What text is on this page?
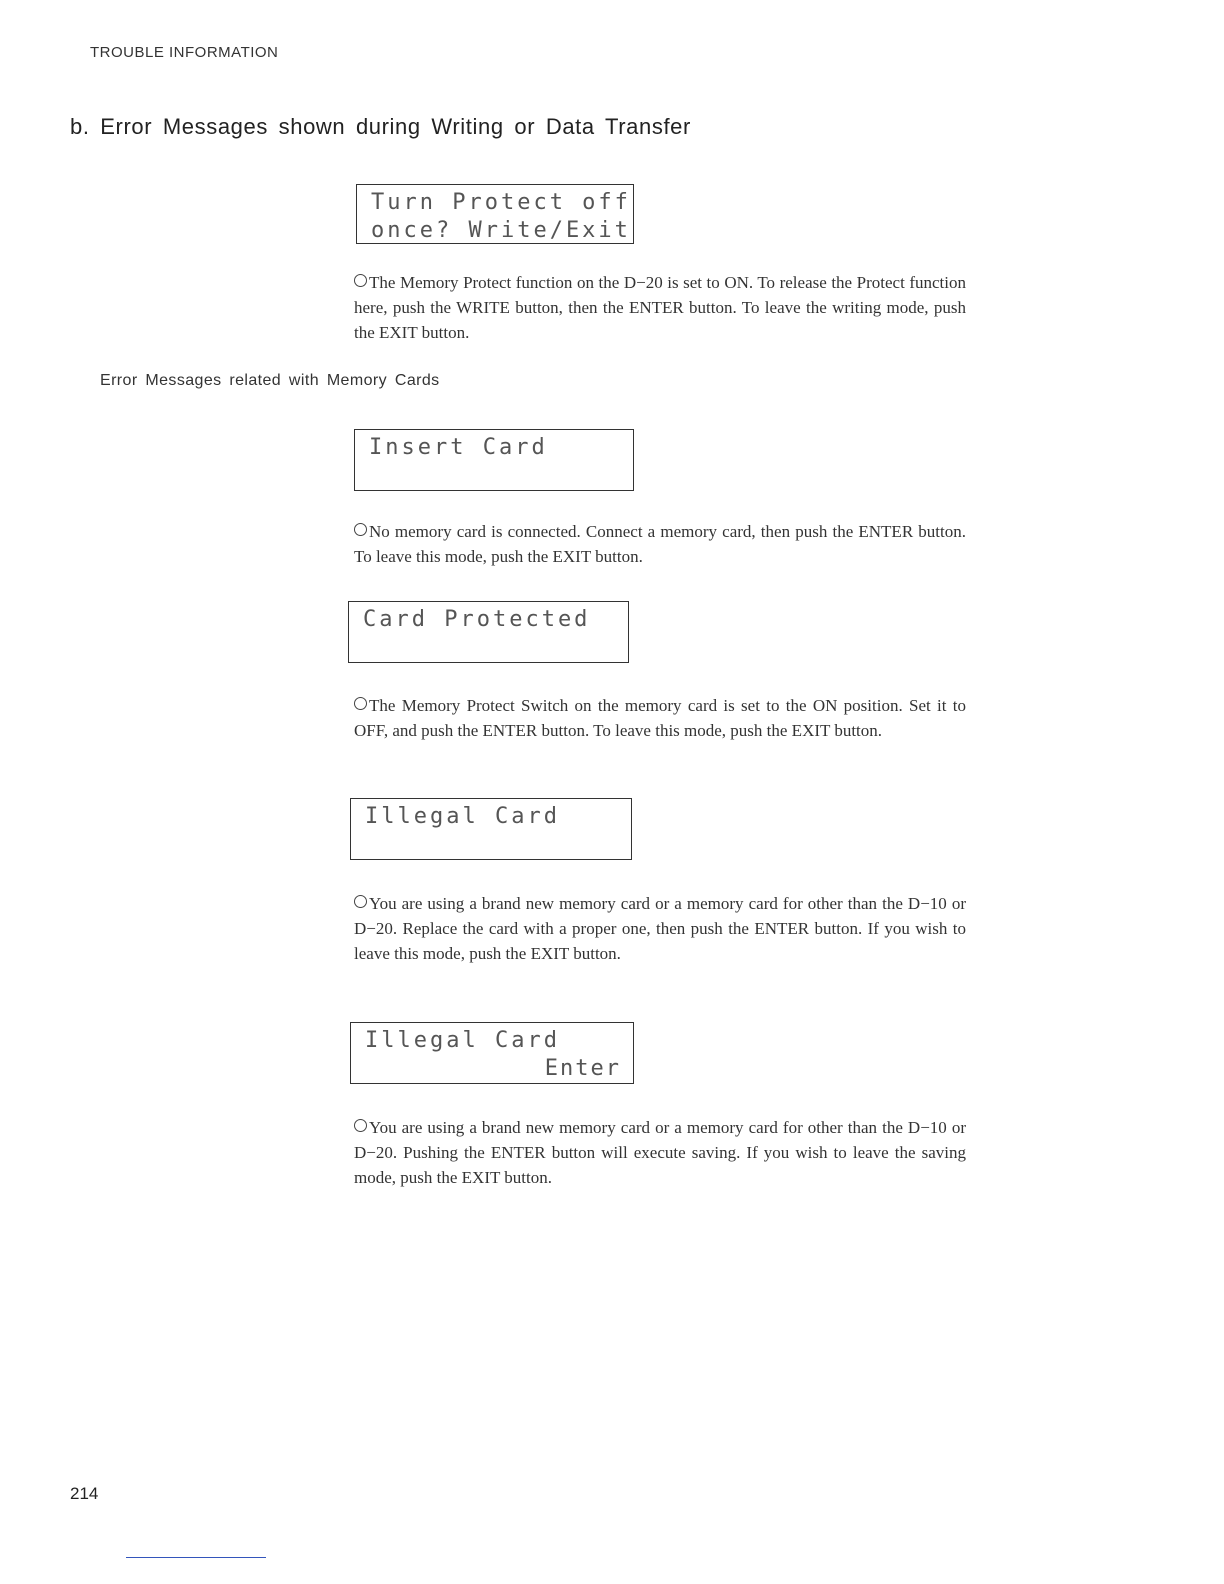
TROUBLE INFORMATION
b. Error Messages shown during Writing or Data Transfer
Turn Protect off
once? Write/Exit
The Memory Protect function on the D−20 is set to ON. To release the Protect function here, push the WRITE button, then the ENTER button. To leave the writing mode, push the EXIT button.
Error Messages related with Memory Cards
Insert Card
No memory card is connected. Connect a memory card, then push the ENTER button. To leave this mode, push the EXIT button.
Card Protected
The Memory Protect Switch on the memory card is set to the ON position. Set it to OFF, and push the ENTER button. To leave this mode, push the EXIT button.
Illegal Card
You are using a brand new memory card or a memory card for other than the D−10 or D−20. Replace the card with a proper one, then push the ENTER button. If you wish to leave this mode, push the EXIT button.
Illegal Card
Enter
You are using a brand new memory card or a memory card for other than the D−10 or D−20. Pushing the ENTER button will execute saving. If you wish to leave the saving mode, push the EXIT button.
214
